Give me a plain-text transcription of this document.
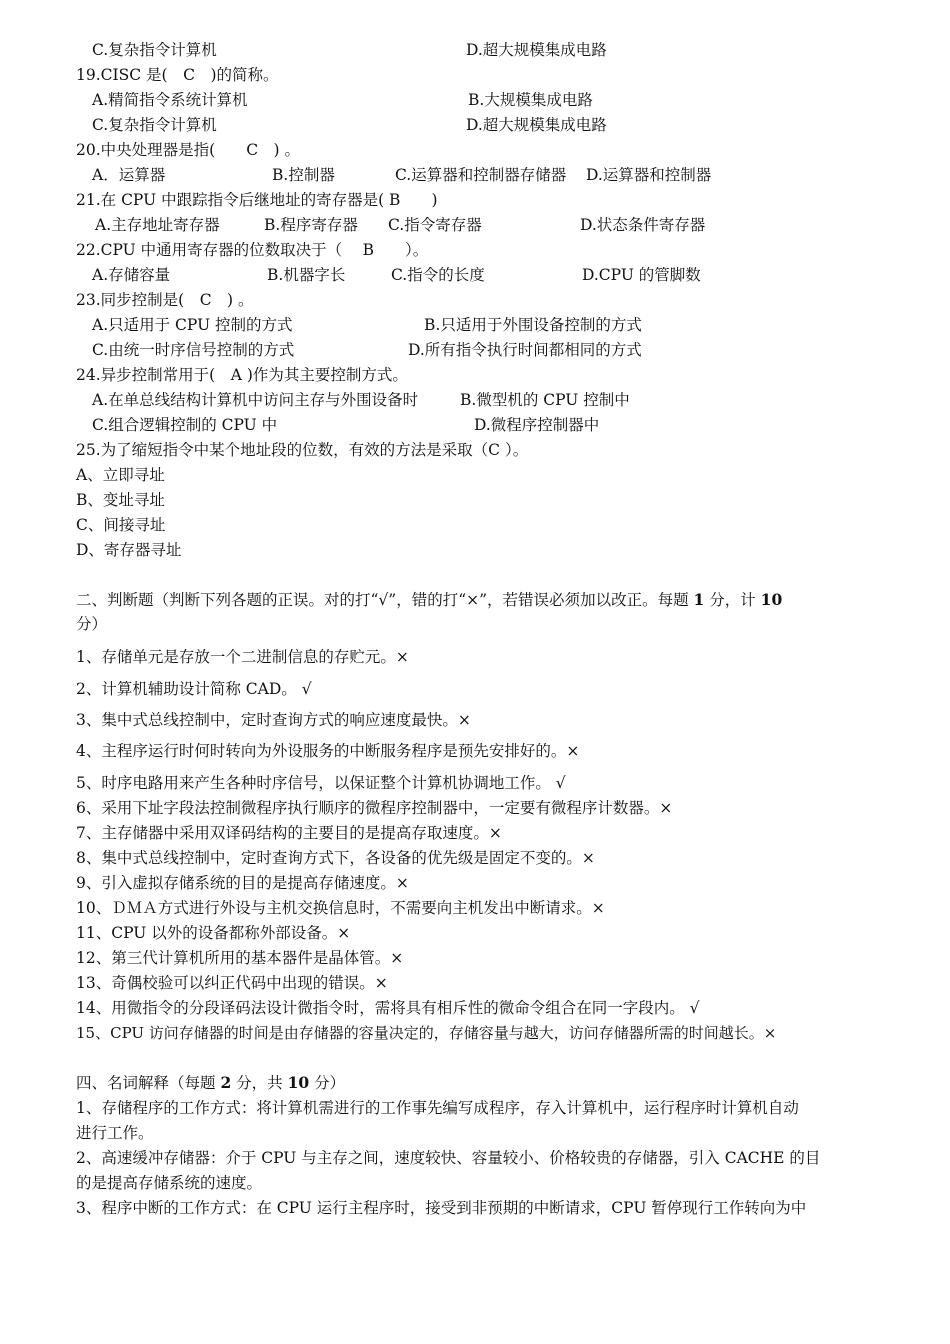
C.复杂指令计算机	D.超大规模集成电路
19.CISC 是(　C　)的简称。
A.精简指令系统计算机	B.大规模集成电路
C.复杂指令计算机	D.超大规模集成电路
20.中央处理器是指(　　C　) 。
A．运算器	B.控制器	C.运算器和控制器存储器 D.运算器和控制器
21.在 CPU 中跟踪指令后继地址的寄存器是( B　　)
A.主存地址寄存器	B.程序寄存器 C.指令寄存器	D.状态条件寄存器
22.CPU 中通用寄存器的位数取决于（　 B　　）。
A.存储容量	B.机器字长	C.指令的长度	D.CPU 的管脚数
23.同步控制是(　C　) 。
A.只适用于 CPU 控制的方式	B.只适用于外围设备控制的方式
C.由统一时序信号控制的方式	D.所有指令执行时间都相同的方式
24.异步控制常用于(　A )作为其主要控制方式。
A.在单总线结构计算机中访问主存与外围设备时	B.微型机的 CPU 控制中
C.组合逻辑控制的 CPU 中	D.微程序控制器中
25.为了缩短指令中某个地址段的位数，有效的方法是采取（C ）。
A、立即寻址
B、变址寻址
C、间接寻址
D、寄存器寻址
二、判断题（判断下列各题的正误。对的打“√”，错的打“×”，若错误必须加以改正。每题 1 分，计 10
分）
1、存储单元是存放一个二进制信息的存贮元。×
2、计算机辅助设计简称 CAD。 √
3、集中式总线控制中，定时查询方式的响应速度最快。×
4、主程序运行时何时转向为外设服务的中断服务程序是预先安排好的。×
5、时序电路用来产生各种时序信号，以保证整个计算机协调地工作。 √
6、采用下址字段法控制微程序执行顺序的微程序控制器中，一定要有微程序计数器。×
7、主存储器中采用双译码结构的主要目的是提高存取速度。×
8、集中式总线控制中，定时查询方式下，各设备的优先级是固定不变的。×
9、引入虚拟存储系统的目的是提高存储速度。×
10、ＤＭＡ方式进行外设与主机交换信息时，不需要向主机发出中断请求。×
11、CPU 以外的设备都称外部设备。×
12、第三代计算机所用的基本器件是晶体管。×
13、奇偶校验可以纠正代码中出现的错误。×
14、用微指令的分段译码法设计微指令时，需将具有相斥性的微命令组合在同一字段内。 √
15、CPU 访问存储器的时间是由存储器的容量决定的，存储容量与越大，访问存储器所需的时间越长。×
四、名词解释（每题 2 分，共 10 分）
1、存储程序的工作方式：将计算机需进行的工作事先编写成程序，存入计算机中，运行程序时计算机自动
进行工作。
2、高速缓冲存储器：介于 CPU 与主存之间，速度较快、容量较小、价格较贵的存储器，引入 CACHE 的目
的是提高存储系统的速度。
3、程序中断的工作方式：在 CPU 运行主程序时，接受到非预期的中断请求，CPU 暂停现行工作转向为中
